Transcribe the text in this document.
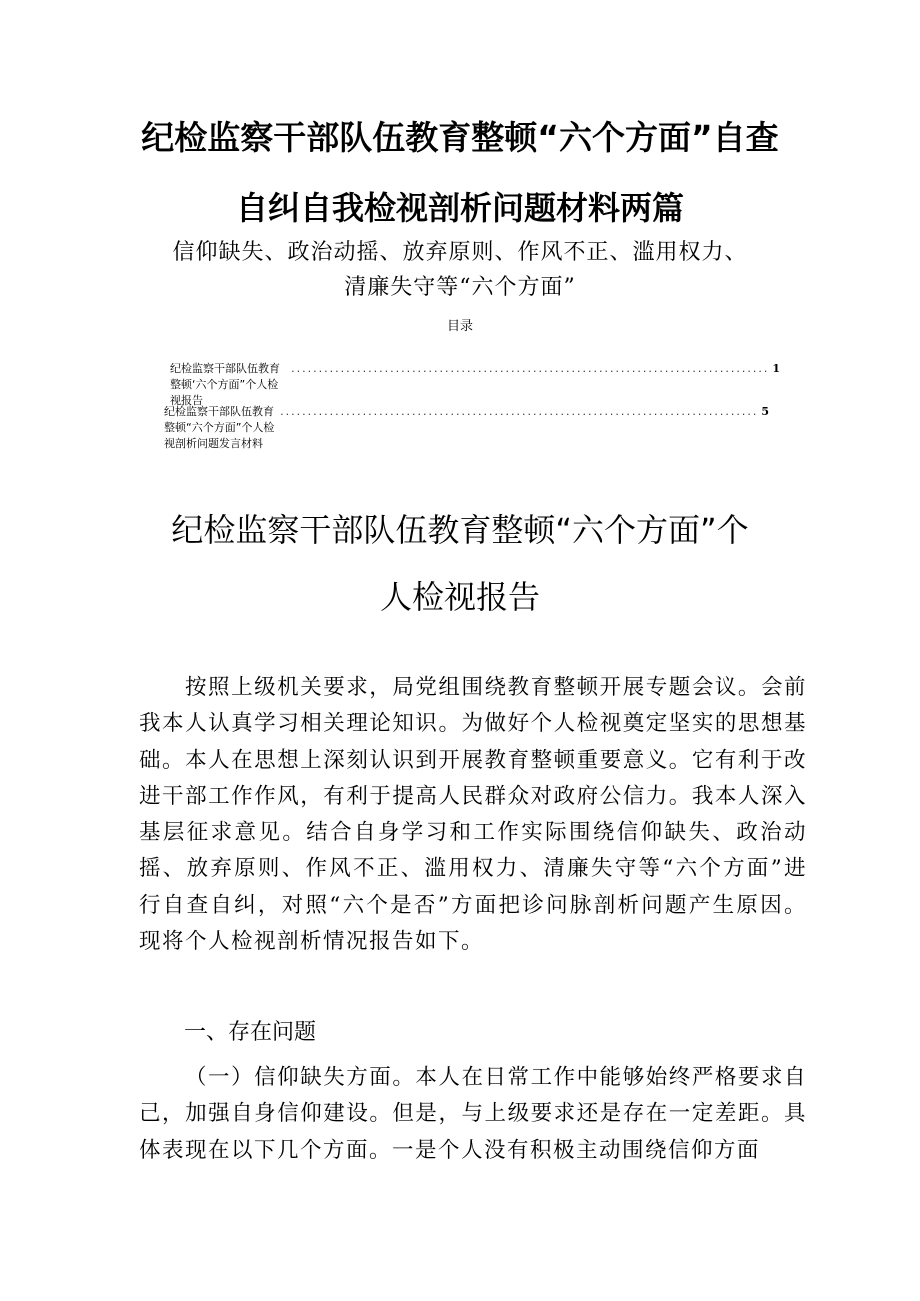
纪检监察干部队伍教育整顿“六个方面”自查
自纠自我检视剖析问题材料两篇
信仰缺失、政治动摇、放弃原则、作风不正、滥用权力、
清廉失守等“六个方面”
目录
纪检监察干部队伍教育整顿‘六个方面”个人检视报告
....................................................................................... 1
纪检监察干部队伍教育整顿“六个方面”个人检视剖析问题发言材料
....................................................................................... 5
纪检监察干部队伍教育整顿“六个方面”个
人检视报告
按照上级机关要求，局党组围绕教育整顿开展专题会议。会前我本人认真学习相关理论知识。为做好个人检视奠定坚实的思想基础。本人在思想上深刻认识到开展教育整顿重要意义。它有利于改进干部工作作风，有利于提高人民群众对政府公信力。我本人深入基层征求意见。结合自身学习和工作实际围绕信仰缺失、政治动摇、放弃原则、作风不正、滥用权力、清廉失守等“六个方面”进行自查自纠，对照“六个是否”方面把诊问脉剖析问题产生原因。现将个人检视剖析情况报告如下。
一、存在问题
（一）信仰缺失方面。本人在日常工作中能够始终严格要求自己，加强自身信仰建设。但是，与上级要求还是存在一定差距。具体表现在以下几个方面。一是个人没有积极主动围绕信仰方面
